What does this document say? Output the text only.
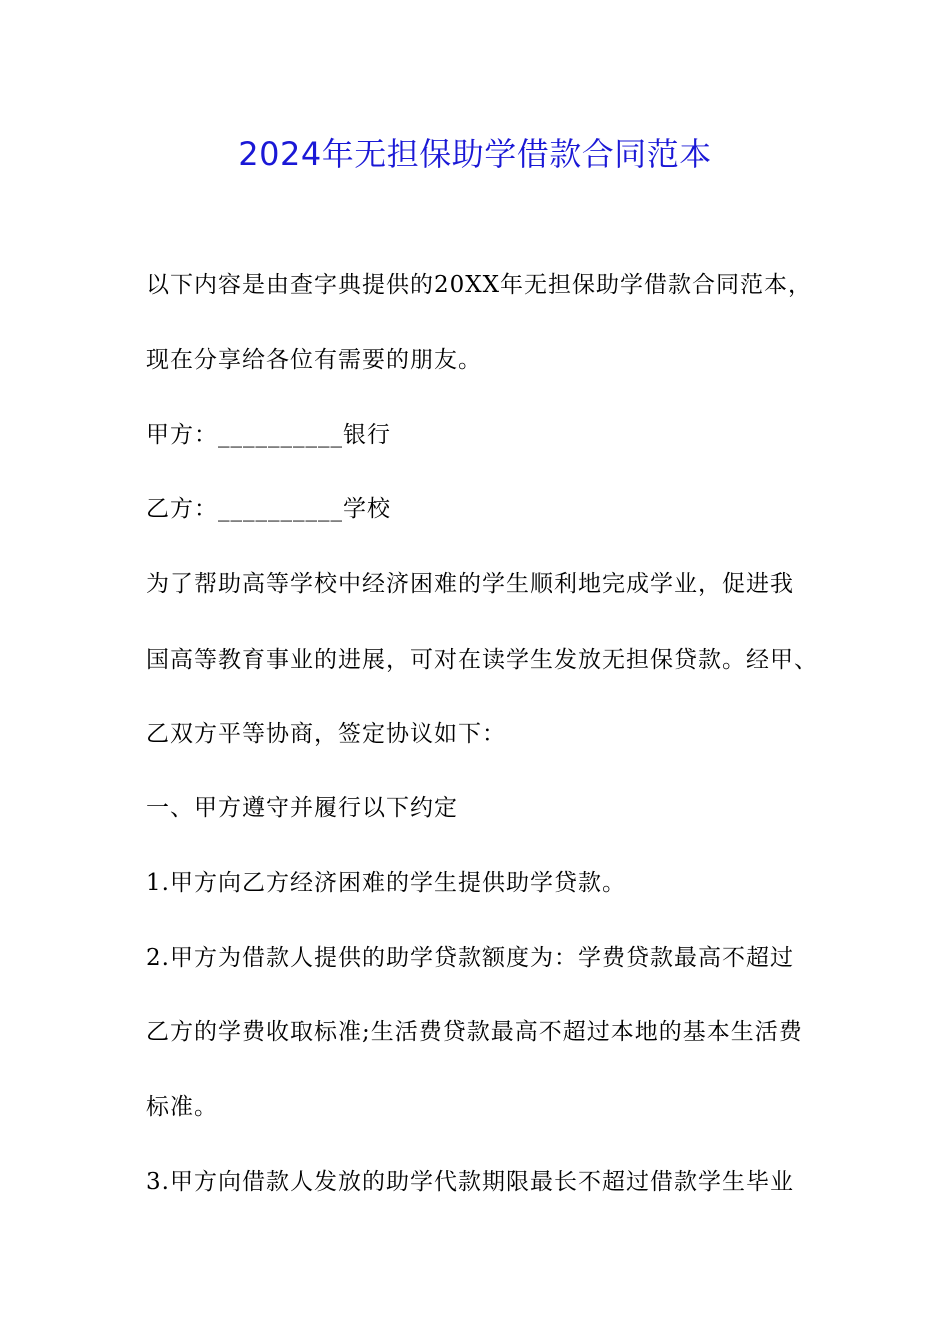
2024年无担保助学借款合同范本

以下内容是由查字典提供的20XX年无担保助学借款合同范本，

现在分享给各位有需要的朋友。

甲方：__________银行

乙方：__________学校

为了帮助高等学校中经济困难的学生顺利地完成学业，促进我

国高等教育事业的进展，可对在读学生发放无担保贷款。经甲、

乙双方平等协商，签定协议如下：

一、甲方遵守并履行以下约定

1.甲方向乙方经济困难的学生提供助学贷款。

2.甲方为借款人提供的助学贷款额度为：学费贷款最高不超过

乙方的学费收取标准;生活费贷款最高不超过本地的基本生活费

标准。

3.甲方向借款人发放的助学代款期限最长不超过借款学生毕业
